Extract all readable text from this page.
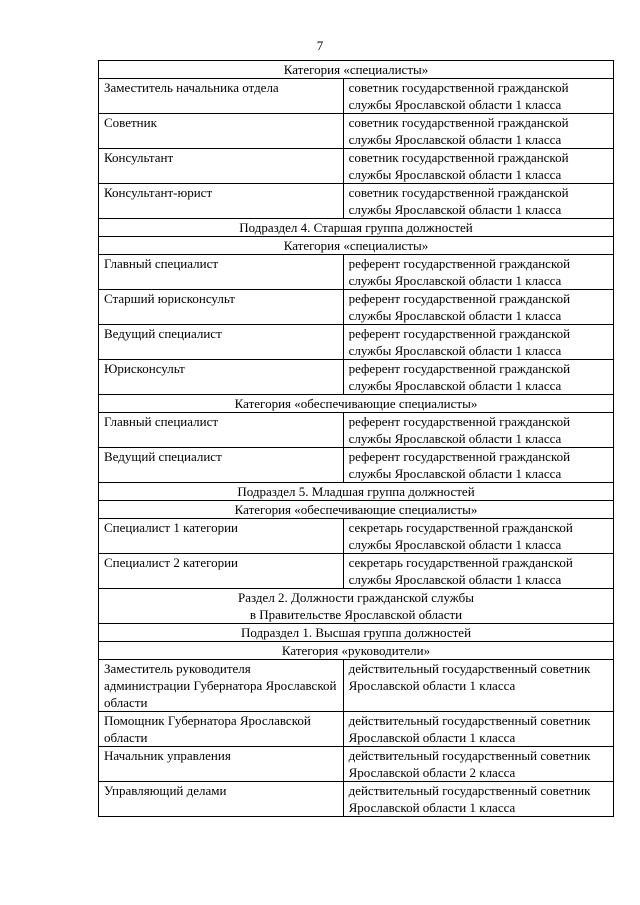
7
Категория «специалисты»	
Заместитель начальника отдела	советник государственной гражданской службы Ярославской области 1 класса
Советник	советник государственной гражданской службы Ярославской области 1 класса
Консультант	советник государственной гражданской службы Ярославской области 1 класса
Консультант-юрист	советник государственной гражданской службы Ярославской области 1 класса
Подраздел 4. Старшая группа должностей	
Категория «специалисты»	
Главный специалист	референт государственной гражданской службы Ярославской области 1 класса
Старший юрисконсульт	референт государственной гражданской службы Ярославской области 1 класса
Ведущий специалист	референт государственной гражданской службы Ярославской области 1 класса
Юрисконсульт	референт государственной гражданской службы Ярославской области 1 класса
Категория «обеспечивающие специалисты»	
Главный специалист	референт государственной гражданской службы Ярославской области 1 класса
Ведущий специалист	референт государственной гражданской службы Ярославской области 1 класса
Подраздел 5. Младшая группа должностей	
Категория «обеспечивающие специалисты»	
Специалист 1 категории	секретарь государственной гражданской службы Ярославской области 1 класса
Специалист 2 категории	секретарь государственной гражданской службы Ярославской области 1 класса
Раздел 2. Должности гражданской службы
в Правительстве Ярославской области	
Подраздел 1. Высшая группа должностей	
Категория «руководители»	
Заместитель руководителя администрации Губернатора Ярославской области	действительный государственный советник Ярославской области 1 класса
Помощник Губернатора Ярославской области	действительный государственный советник Ярославской области 1 класса
Начальник управления	действительный государственный советник Ярославской области 2 класса
Управляющий делами	действительный государственный советник Ярославской области 1 класса
